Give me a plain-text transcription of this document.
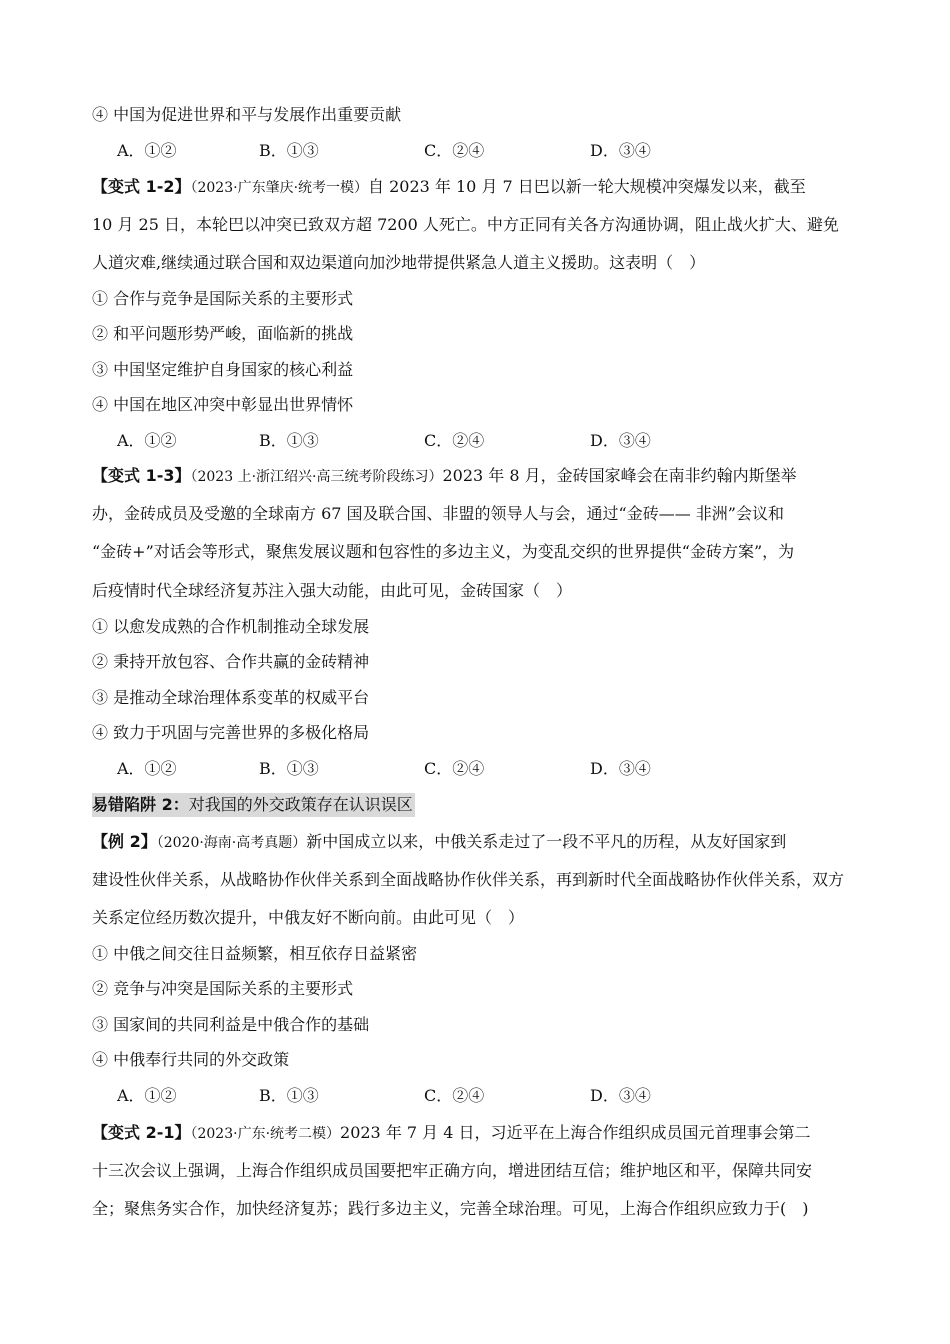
④ 中国为促进世界和平与发展作出重要贡献
A．①②	B．①③	C．②④	D．③④
【变式 1-2】（2023·广东肇庆·统考一模）自 2023 年 10 月 7 日巴以新一轮大规模冲突爆发以来，截至
10 月 25 日，本轮巴以冲突已致双方超 7200 人死亡。中方正同有关各方沟通协调，阻止战火扩大、避免
人道灾难,继续通过联合国和双边渠道向加沙地带提供紧急人道主义援助。这表明（　）
① 合作与竞争是国际关系的主要形式
② 和平问题形势严峻，面临新的挑战
③ 中国坚定维护自身国家的核心利益
④ 中国在地区冲突中彰显出世界情怀
A．①②	B．①③	C．②④	D．③④
【变式 1-3】（2023 上·浙江绍兴·高三统考阶段练习）2023 年 8 月，金砖国家峰会在南非约翰内斯堡举
办，金砖成员及受邀的全球南方 67 国及联合国、非盟的领导人与会，通过“金砖—— 非洲”会议和
“金砖+”对话会等形式，聚焦发展议题和包容性的多边主义，为变乱交织的世界提供“金砖方案”，为
后疫情时代全球经济复苏注入强大动能，由此可见，金砖国家（　）
① 以愈发成熟的合作机制推动全球发展
② 秉持开放包容、合作共赢的金砖精神
③ 是推动全球治理体系变革的权威平台
④ 致力于巩固与完善世界的多极化格局
A．①②	B．①③	C．②④	D．③④
易错陷阱 2：对我国的外交政策存在认识误区
【例 2】（2020·海南·高考真题）新中国成立以来，中俄关系走过了一段不平凡的历程，从友好国家到
建设性伙伴关系，从战略协作伙伴关系到全面战略协作伙伴关系，再到新时代全面战略协作伙伴关系，双方
关系定位经历数次提升，中俄友好不断向前。由此可见（　）
① 中俄之间交往日益频繁，相互依存日益紧密
② 竞争与冲突是国际关系的主要形式
③ 国家间的共同利益是中俄合作的基础
④ 中俄奉行共同的外交政策
A．①②	B．①③	C．②④	D．③④
【变式 2-1】（2023·广东·统考二模）2023 年 7 月 4 日，习近平在上海合作组织成员国元首理事会第二
十三次会议上强调，上海合作组织成员国要把牢正确方向，增进团结互信；维护地区和平，保障共同安
全；聚焦务实合作，加快经济复苏；践行多边主义，完善全球治理。可见，上海合作组织应致力于(　)
